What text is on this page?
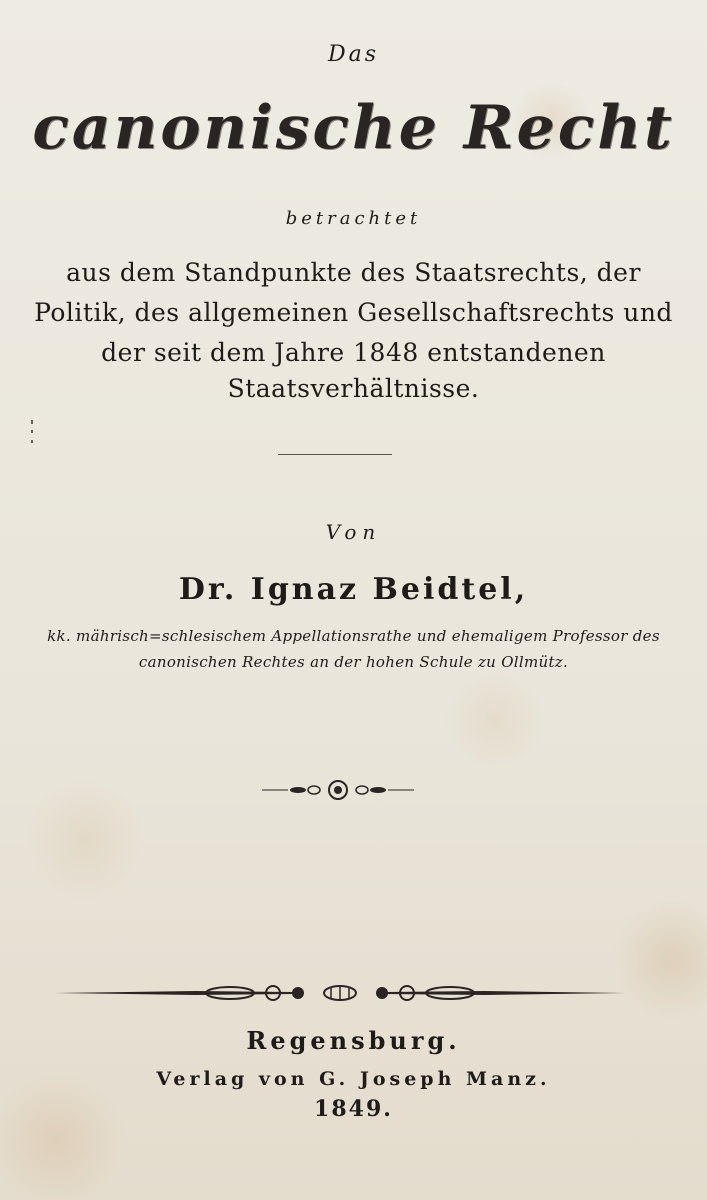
Das
canonische Recht
betrachtet
aus dem Standpunkte des Staatsrechts, der
Politik, des allgemeinen Gesellschaftsrechts und
der seit dem Jahre 1848 entstandenen
Staatsverhältnisse.
Von
Dr. Ignaz Beidtel,
kk. mährisch=schlesischem Appellationsrathe und ehemaligem Professor des
canonischen Rechtes an der hohen Schule zu Ollmütz.
Regensburg.
Verlag von G. Joseph Manz.
1849.
